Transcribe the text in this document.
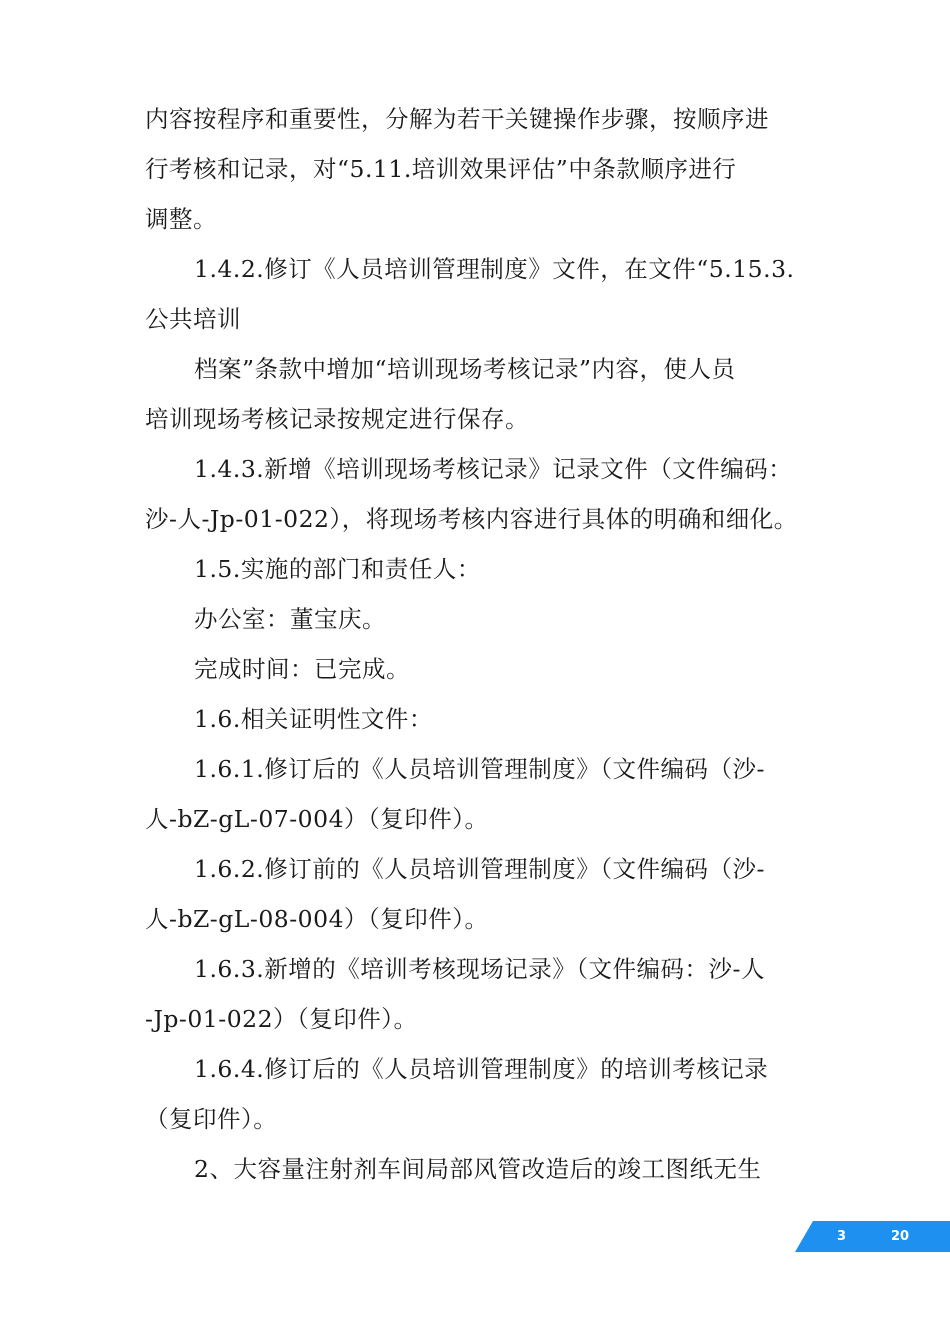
内容按程序和重要性，分解为若干关键操作步骤，按顺序进
行考核和记录，对“5.11.培训效果评估”中条款顺序进行
调整。
1.4.2.修订《人员培训管理制度》文件，在文件“5.15.3.
公共培训
档案”条款中增加“培训现场考核记录”内容，使人员
培训现场考核记录按规定进行保存。
1.4.3.新增《培训现场考核记录》记录文件（文件编码：
沙-人-Jp-01-022），将现场考核内容进行具体的明确和细化。
1.5.实施的部门和责任人：
办公室：董宝庆。
完成时间：已完成。
1.6.相关证明性文件：
1.6.1.修订后的《人员培训管理制度》（文件编码（沙-
人-bZ-gL-07-004）（复印件）。
1.6.2.修订前的《人员培训管理制度》（文件编码（沙-
人-bZ-gL-08-004）（复印件）。
1.6.3.新增的《培训考核现场记录》（文件编码：沙-人
-Jp-01-022）（复印件）。
1.6.4.修订后的《人员培训管理制度》的培训考核记录
（复印件）。
2、大容量注射剂车间局部风管改造后的竣工图纸无生
3	20
